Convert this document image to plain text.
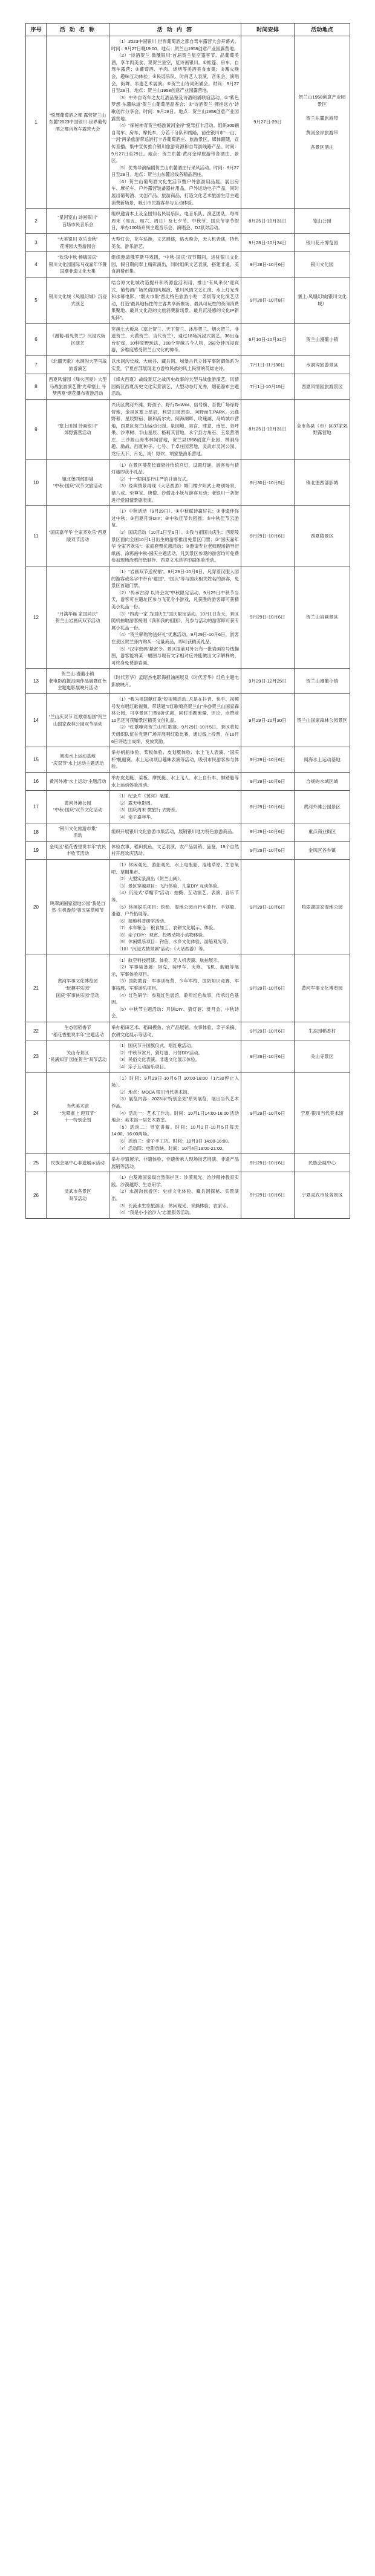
序号	活 动 名 称	活 动 内 容	时间安排	活动地点
1	“悦驾葡萄酒之都 露营贺兰山东麓”2023中国银川·世界葡萄酒之都自驾车露营大会	
（1）2023中国银川·世界葡萄酒之都自驾车露营大会开幕式。时间：9月27日晚19:00。地点：贺兰山1958创意产业园露营地。
（2）“诗酒贺兰 微醺银川”首届贺兰星空篷客节。品葡萄美酒，享羊肉美食，观贺兰星空，览诗画银川。①帐篷、房车、自驾车露营；②葡萄酒、羊肉、烧烤等美酒美食市集；③篝火晚会，趣味互动体验；④民谣乐队、时尚艺人表演，音乐会、演唱会，街舞、非遗艺术展演；⑤贺兰山诗词朗诵会。时间：9月27日至29日。地点：贺兰山1958创意产业园露营地。
（3）中外自驾车之友红酒品鉴及诗酒朗诵联谊活动。①“紫色梦想·东麓味道”贺兰山葡萄酒品鉴会；②“诗酒贺兰·拥抱远方”诗歌创作分享会。时间：9月28日。地点：贺兰山1958创意产业园露营地。
（4）“探秘神奇贺兰畅游黄河金岸”悦驾打卡活动。组织300辆自驾车、房车、摩托车，分若干分队和线路，前往银川市“一山、一河”两条旅游带巡游打卡各葡萄酒庄、旅游景区，媒体跟随，宣传直播，集中宣传推介银川旅游资源和自驾游线路产品。时间：9月27日至29日。地点：贺兰东麓-黄河金岸旅游带各酒庄、景区。
（5）优秀导演编剧贺兰山东麓酒庄行采风活动。时间：9月27日至29日。地点：贺兰山东麓沿线各精品酒庄。
（6）贺兰山葡萄酒文化生活节暨户外旅游用品展。展出房车、摩托车、户外露营装备器材用品，户外运动电子产品，同时展出葡萄酒、文创产品、旅游商品，打造文化艺术旅游生活主题消费新场景，吸引市民游客参与互动体验。
	9月27日-29日	
贺兰山1958创意产业园景区
贺兰东麓旅游带
黄河金岸旅游带
各景区酒庄

2	“星河览山 诗画银川”
百场市民音乐会	组织邀请本土及全国知名民谣乐队、电音乐队、演艺团队，每周周末（周五、周六、周日）及七夕节、中秋节、国庆节等节假日，举办100场系列主题音乐会、演唱会、DJ派对活动。	8月25日-10月31日	览山公园

3	“大美银川 欢乐金秋”
花博园大型游园会	大型灯会，花车巡游，文艺展演，焰火晚会，无人机表演，特色美食，游乐游艺。	9月28日-10月24日	银川花卉博览园

4	“欢乐中秋 畅嗨国庆”
银川文化园国际马戏嘉年华暨国潮非遗文化大集	组织邀请俄罗斯马戏团，“中秋-国庆”双节期间，进驻银川文化园，假日期间奉上精彩演出，同时组织文艺表演，搭建非遗、美食消费市集。	9月28日-10月6日	银川文化园

5	银川文化城《凤凰幻城》沉浸式演艺	结合原文化城改造提升和资源盘活利用，推出“有凤来仪”迎宾式、葡萄酒广场民俗国风展演、银川风情文艺汇演、水上灯光秀和水幕电影、“烟火市集”西北特色旅游小吃一条街等文化演艺活动，打造“最具地标性的主客共享新聚场、最具可玩性的夜间消费集聚地、最具文化范的文旅消费新场景、最具沉浸感的文化IP新矩阵”。	9月20日-10月8日	塞上·凤凰幻城(银川文化城）

6	《漫葡·看见贺兰》沉浸式街区演艺	穿越七大板块（塞上贺兰、天下贺兰、沐浴贺兰、烟火贺兰、非遗贺兰、大漠贺兰、当代贺兰），通过18场沉浸式演艺，36出连台好戏，10种狂野玩法，168个穿越古今人物，268分钟沉浸夜游，多维度感受贺兰山文化的神奇。	6月10日-10月31日	贺兰山漫葡小镇

7	《北疆天歌》水洞沟大型马战旅游演艺	以水洞沟长城、大峡谷、藏兵洞、城堡古代立体军事防御体系为实景，宁夏首部展现北方游牧民族的风土民情的英雄史诗。	7月1日-11月30日	水洞沟旅游景区

8	西夏风情园《烽火西夏》大型马战旅游演艺暨“光晕塞上 寻梦西夏”烟花瀑布夜游活动	《烽火西夏》战线夏辽之战历史故事的大型马战旅游演艺，风情园街区西夏历史文化实景演艺，大型动态灯光秀，烟花瀑布主题活动。	7月1日-10月15日	西夏风情园旅游景区

9	“塞上田园 诗画银川”
郊野露营活动	兴庆区黄河外滩、野孩子、野行GoWild、信号旗、吾悦广场绿野营地，金凤区塞上星辰、利思田园密语、向野而生PARK、云逸野奢、星辰野宿、颐和高尔夫、阅海湖畔、玫瑰湖、岛屿城市营地，西夏区贺兰山运动公园、泉园地、昊宫、肆意、南星、青坪果、沙枣树、半山星辰、格莉其营地，永宁县方角石、玉泉营酒庄、三沙源山海枣林间营地，贺兰县1958创意产业园、林涧岛趣、励战、西夏种子、七号、千卓庄园营地，灵武市灵河公园、龙行天下、月光、海！野炊、胡家堡渔乐营地。	8月25日-10月31日	全市各县（市）区37家郊野露营地

10	镇北堡西部影城
“中秋-国庆”双节文旅活动	（1）在景区葵花长廊悬挂传统宫灯，设置灯谜，游客参与猜灯谜即获小礼品。
（2）十一期间举行庄严的升旗仪式。
（3）经典情景再现《大话西游》城门楼夕阳武士吻别场景，猪八戒、至尊宝、唐僧、沙僧及小妖与游客互动；老银川一条街进行爱国情景剧表演。	9月30日-10月5日	镇北堡西部影城

11	“国庆嘉年华 全家齐欢乐”西夏陵双节活动	（1）中秋活动（9月29日）。①中秋赋诗赢好礼；②非遗伴你过中秋；③西夏月饼DIY；④中秋佳节共团圆；⑤中秋佳节云游览。
（2）国庆活动（10月1日至6日）。①我与祖国共庆生：西夏陵景区面向全国10月1日出生的游客推出免景区门票；②“国庆嘉年华 全家齐欢乐”：家庭套票优惠活动；③邀请专业老师现场指导衍纸画、涂鸦画中秋-国庆主题活动，凡到景区参观的游客均可免费参加现场涂鸦衍纸制作、西夏文木活字印刷体验活动。	9月29日-10月6日	西夏陵景区

12	“月满华诞 家国同庆”
贺兰山岩画庆双节活动	（1）“岩画双节送祝福”。9月29日-10月6日，凡穿着汉服入园的游客或名字中带有“建国”、“国庆”等与国庆相关姓名的游客，免景区首道门票。
（2）“传承古韵 以诗会友”中秋限定活动。9月29日中秋节当天，游客可在遗址区参与飞花令小游戏，凡获胜的游客即可获精美小礼品一份。
（3）“四海一家 为国庆生”国庆限定活动。10月1日当天，景区随机抽取游客接唱《我和我的祖国》，凡参与活动的游客即可获专属小礼品一份。
（4）“贺兰驿购物送好礼”优惠活动。9月29日-10月6日，游客在景区贺兰驿内购买一定量商品，即可获精美礼品。
（5）“汉字密码”悬赏令。景区提前对外公布一批岩画符号线描图，游客能将某一幅图与现有文字相对应并能做出文字解释的，可终身免费游岩画。	9月29日-10月6日	贺兰山岩画景区

13	贺兰山·漫葡小镇
老电影海报油画作品展暨红色主题电影展映月活动	《时代芳华》孟昭杰电影海报油画展及《时代芳华》红色主题电影放映月。	9月29日-12月25日	贺兰山漫葡小镇

14	“兰山庆双节 红歌颂祖国”贺兰山国家森林公园双节活动	（1）“我为祖国献红歌”短视频活动. 凡是在抖音、快手、视频号发布唱红歌视频，带话题“#红歌嘹亮贺兰山”并@贺兰山国家森林公园，可享景区门票8折优惠，同时话题流量、评论、点赞前10名还可获赠景区精美文创礼品。
（2）“红歌嘹亮贺兰山”红歌赛。9月29日-10月5日，景区将每天组织队伍在党建广场开展唱红歌比赛，通过线上投票，在10月6日评选出成绩，发放奖励。	9月29日-10月30日	贺兰山国家森林公园景区

15	阅海水上运动基地
“庆双节”水上运动主题活动	举办帆船体验、桨板体验、皮划艇体验、水上飞人表演、“国庆杯”帆船赛、水上运动项目趣味表演等活动，吸引市民游客参与体验。	9月29日-10月6日	阅海水上运动基地

16	黄河外滩“水上运动”主题活动	举办皮划艇、桨板、摩托艇、水上飞人、水上自行车、脚踏船等水上运动体验活动。	9月29日-10月6日	合规的水域区域

17	黄河外滩公园
“中秋-国庆”双节文化活动	（1）纪录片《黄河》展播。
（2）露天电影周。
（3）国庆周末 微旅行 去野系。
（4）亲子嘉年华。	9月29日-10月6日	黄河外滩公园景区

18	“银川文化旅游市集”
活动	组织开展银川文化旅游市集活动，展销银川地方特色旅游商品。	9月29日-10月6日	重点商业街区

19	金凤区“稻花香里说丰年”农民丰收节活动	体验农事，稻田捉鱼，文艺表演，农产品展销、品鉴，19个自然村开展欢庆活动。	9月29日-10月6日	金凤区各乡镇

20	鸣翠湖国家湿地公园“我是自然·生机盎然”第五届草帽节	
（1）休闲观光、游船观光、水上电瓶船、湿地草原、生态氧吧、草帽集市。
（2）大型实景演出《贺兰山阙》。
（3）景区穿越项目：飞行体验、儿童DIY 互动体验。
（4）沉浸式“草帽节”活动：拍摄、互动演艺、表演、音乐节等。
（5）休闲娱乐项目：钓鱼、湿地公园自行车骑行、手划船、滑道、户外拓展等。
（6）湿地科普研学活动。
（7）水车粮仓：粮食加工、农耕文化展示、体验。
（8）亲子DIY：观赏、投喂动物小动物体验。
（9）休闲娱乐项目：钓鱼、水乡文化体验、游船观光等。
（10）“沉浸式情景剧”活动：《大话西游》等。
	9月29日-10月6日	鸣翠湖国家湿地公园

21	黄河军事文化博览园
“玩趣军乐园”
国庆“军事快乐园”活动	（1）航空科技展演、体验、无人机表演、航拍展示。
（2）军事装备展：坦克、装甲车、火炮、飞机、舰艇等展示，军事体验项目。
（3）国防教育：军事训练营、少年军校、国防知识竞赛、军事拓展、军事游乐项目。
（4）红色研学：参观红色展馆，聆听红色故事，传承红色基因。
（5）中秋节主题活动：月饼DIY、猜灯谜、赏月会、中秋诗会。	9月29日-10月6日	黄河军事文化博览园

22	生态园稻香节
“稻花香里说丰年”主题活动	举办稻田艺术、稻田摸鱼、农产品展销、农事体验、亲子采摘、农耕文化展示等活动。	9月29日-10月6日	生态园稻香村

23	关山寺景区
“民满知音 园在贺兰”双节活动	（1）国庆节升国旗仪式、唱红歌活动。
（2）中秋节赏月、猜灯谜、月饼DIY活动。
（3）民俗文化表演、非遗文化展示体验。
（4）亲子互动游乐项目。	9月29日-10月6日	关山寺景区

24	当代美术馆
“光晕塞上 迎双节”
十一特别企划	
（1）时间：9月29日-10月6日 10:00-18:00（17:30停止入场）。
（2）地点：MOCA 银川当代美术馆。
（3）展览内容：2023年“特别企划”系列展览，展出当代艺术作品。
（4）活动一：艺术工作坊。时间：10月1日14:00-16:00 活动地点：美术馆一层艺术教室。
（5）活动二：导览讲解。时间：10月2日-10月5日每天14:00、16:00两场。
（6）活动三：亲子手工坊。时间：10月3日 14:00-16:00。
（7）活动四：电影放映。时间：10月4日19:00-21:00。
	9月29日-10月6日	宁夏·银川当代美术馆

25	民族会展中心非遗展示活动	举办非遗展示、非遗体验、非遗传承人现场技艺展演、非遗产品展销等活动。	9月29日-10月6日	民族会展中心

26	灵武市各景区
双节活动	（1）白芨滩国家级自然保护区：沙漠观光、治沙精神教育实践、沙漠越野、生态研学。
（2）水洞沟旅游区：史前文化体验、藏兵洞探秘、实景演出。
（3）长流水生态旅游区：休闲观光、采摘体验、农家乐。
（4）“我是小小治沙人”志愿服务活动。	9月29日-10月6日	宁夏灵武市及各景区
